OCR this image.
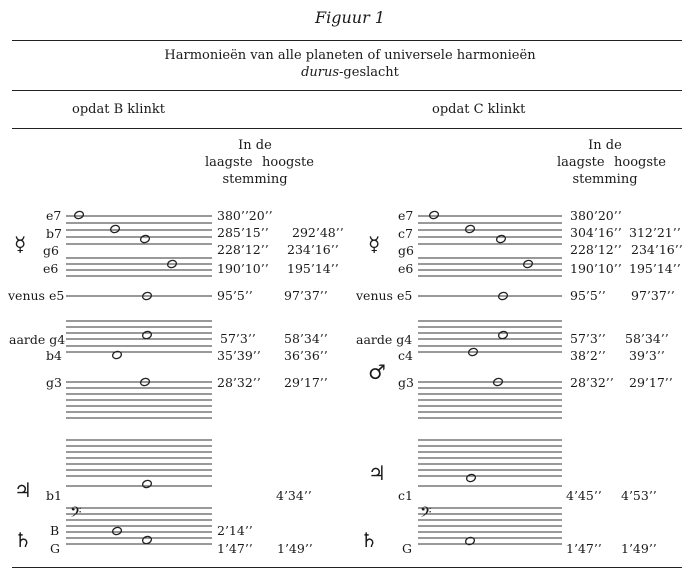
Figuur 1
Harmonieën van alle planeten of universele harmonieën
durus-geslacht
opdat B klinkt	opdat C klinkt
In de
laagste hoogste
stemming
In de
laagste hoogste
stemming
e7
b7
g6
e6
venus e5
aarde g4
b4
g3
b1
B
G
380’’20’’
285’15’’ 292’48’’
228’12’’ 234’16’’
190’10’’ 195’14’’
95’5’’ 97’37’’
57’3’’ 58’34’’
35’39’’ 36’36’’
28’32’’ 29’17’’
4’34’’
2’14’’
1’47’’ 1’49’’
e7
c7
g6
e6
venus e5
aarde g4
c4
g3
c1
G
380’20’’
304’16’’ 312’21’’
228’12’’ 234’16’’
190’10’’ 195’14’’
95’5’’ 97’37’’
57’3’’ 58’34’’
38’2’’ 39’3’’
28’32’’ 29’17’’
4’45’’ 4’53’’
1’47’’ 1’49’’
☿
♃
♄
☿
♂
♃
♄
𝄢	𝄢
